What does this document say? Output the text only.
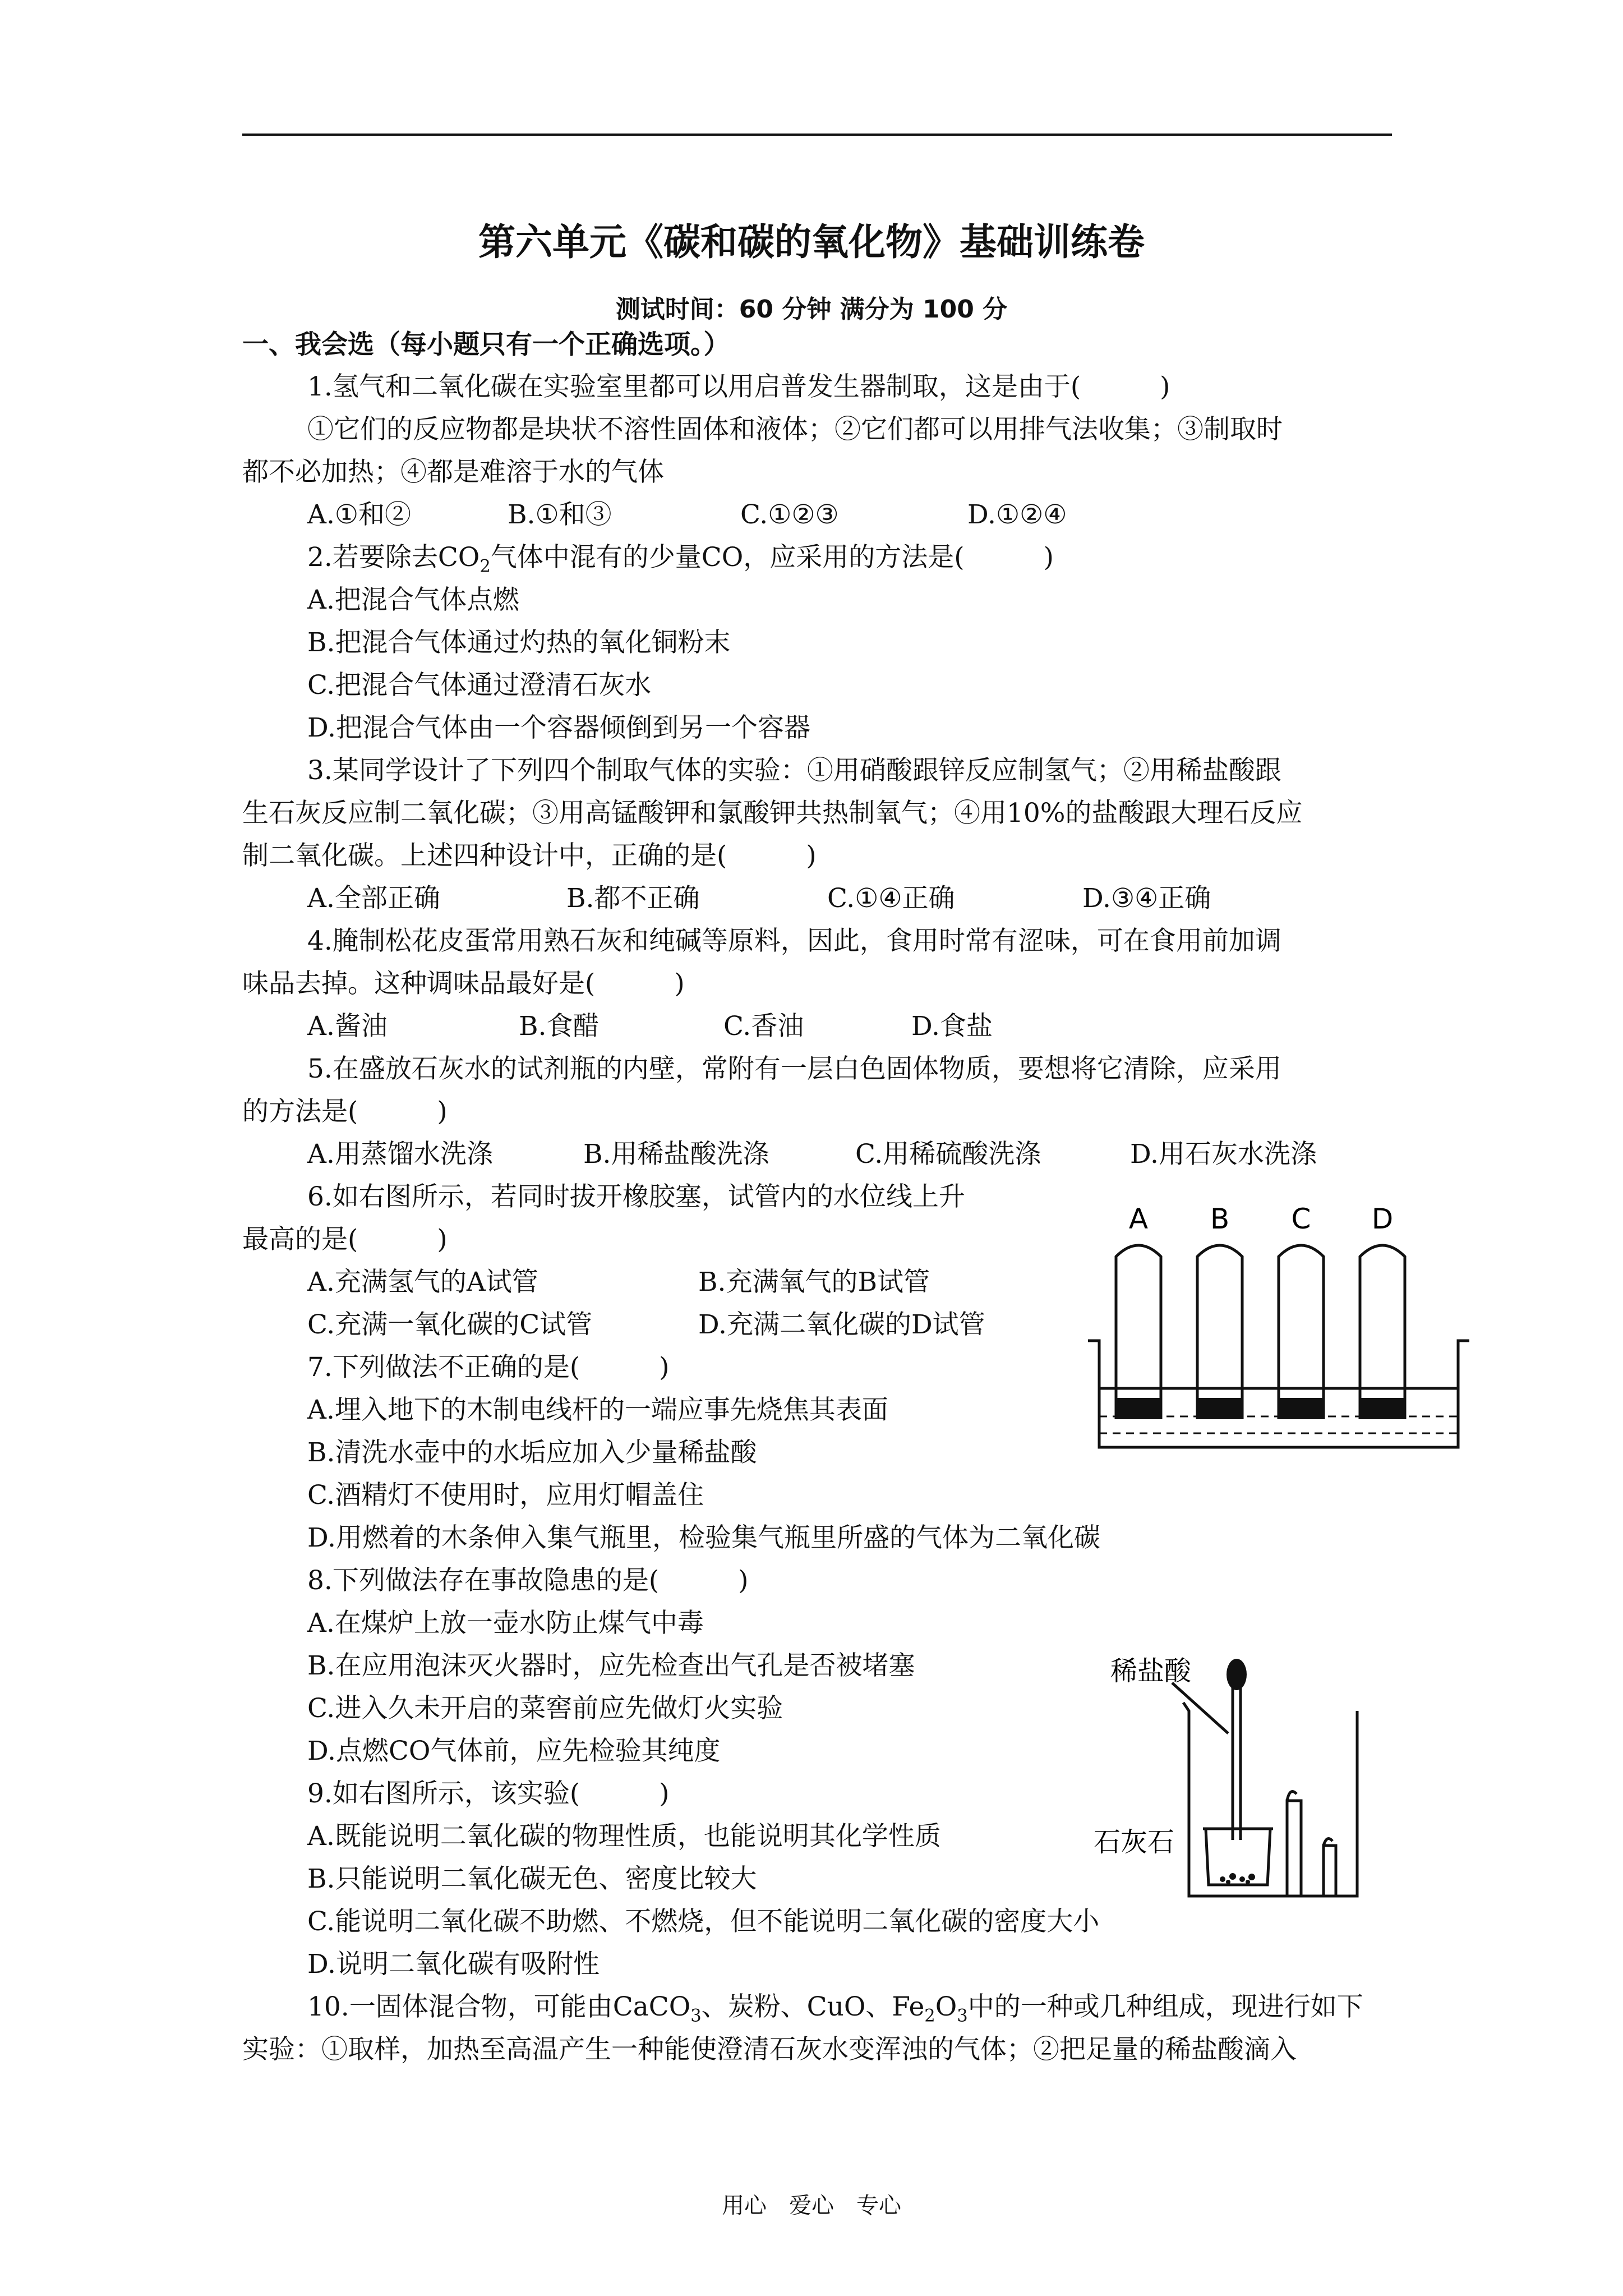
第六单元《碳和碳的氧化物》基础训练卷
测试时间：60 分钟 满分为 100 分
一、我会选（每小题只有一个正确选项。）
1.氢气和二氧化碳在实验室里都可以用启普发生器制取，这是由于(　　　)
①它们的反应物都是块状不溶性固体和液体；②它们都可以用排气法收集；③制取时
都不必加热；④都是难溶于水的气体
A.①和②	B.①和③	C.①②③	D.①②④
2.若要除去$CO_2$气体中混有的少量CO，应采用的方法是(　　　)
A.把混合气体点燃
B.把混合气体通过灼热的氧化铜粉末
C.把混合气体通过澄清石灰水
D.把混合气体由一个容器倾倒到另一个容器
3.某同学设计了下列四个制取气体的实验：①用硝酸跟锌反应制氢气；②用稀盐酸跟
生石灰反应制二氧化碳；③用高锰酸钾和氯酸钾共热制氧气；④用10%的盐酸跟大理石反应
制二氧化碳。上述四种设计中，正确的是(　　　)
A.全部正确	B.都不正确	C.①④正确	D.③④正确
4.腌制松花皮蛋常用熟石灰和纯碱等原料，因此，食用时常有涩味，可在食用前加调
味品去掉。这种调味品最好是(　　　)
A.酱油	B.食醋	C.香油	D.食盐
5.在盛放石灰水的试剂瓶的内壁，常附有一层白色固体物质，要想将它清除，应采用
的方法是(　　　)
A.用蒸馏水洗涤	B.用稀盐酸洗涤	C.用稀硫酸洗涤	D.用石灰水洗涤
6.如右图所示，若同时拔开橡胶塞，试管内的水位线上升
最高的是(　　　)
A.充满氢气的A试管	B.充满氧气的B试管
C.充满一氧化碳的C试管	D.充满二氧化碳的D试管
A B C D
7.下列做法不正确的是(　　　)
A.埋入地下的木制电线杆的一端应事先烧焦其表面
B.清洗水壶中的水垢应加入少量稀盐酸
C.酒精灯不使用时，应用灯帽盖住
D.用燃着的木条伸入集气瓶里，检验集气瓶里所盛的气体为二氧化碳
8.下列做法存在事故隐患的是(　　　)
A.在煤炉上放一壶水防止煤气中毒
B.在应用泡沫灭火器时，应先检查出气孔是否被堵塞
C.进入久未开启的菜窖前应先做灯火实验
D.点燃CO气体前，应先检验其纯度
9.如右图所示，该实验(　　　)
A.既能说明二氧化碳的物理性质，也能说明其化学性质
B.只能说明二氧化碳无色、密度比较大
C.能说明二氧化碳不助燃、不燃烧，但不能说明二氧化碳的密度大小
D.说明二氧化碳有吸附性
稀盐酸
石灰石
10.一固体混合物，可能由CaCO$_3$、炭粉、CuO、$Fe_2O_3$中的一种或几种组成，现进行如下
实验：①取样，加热至高温产生一种能使澄清石灰水变浑浊的气体；②把足量的稀盐酸滴入
用心　爱心　专心
